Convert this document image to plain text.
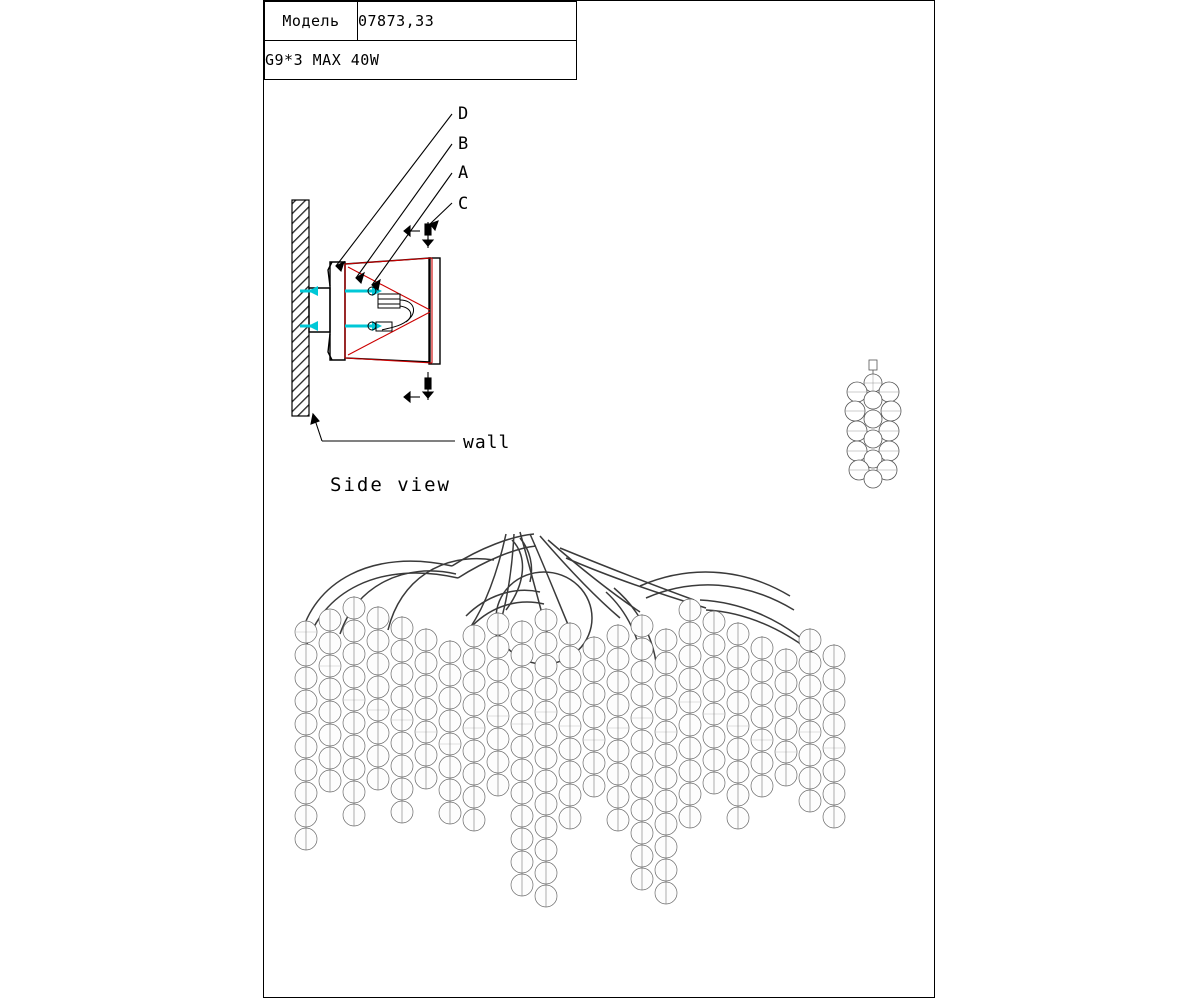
Модель	07873,33
G9*3 MAX 40W
D
B
A
C
wall
Side view
